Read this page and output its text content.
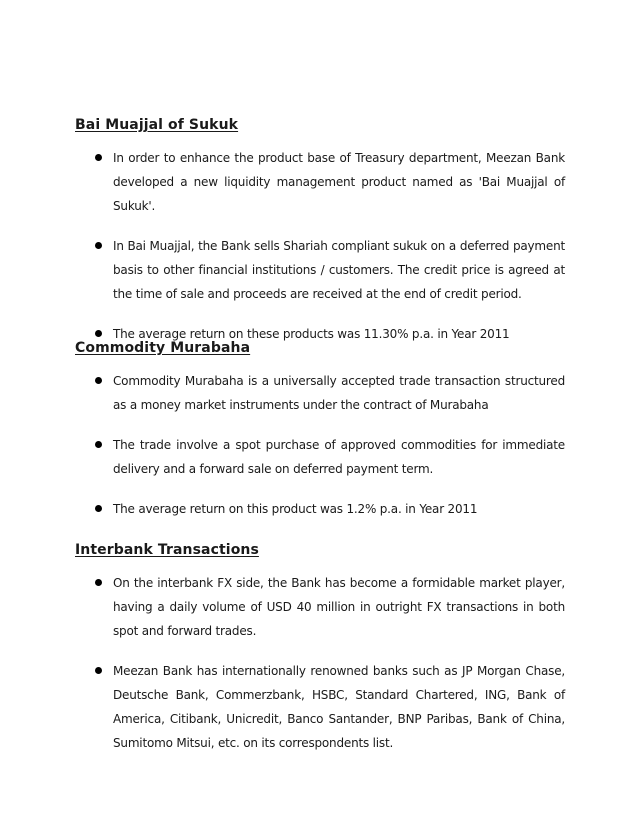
Bai Muajjal of Sukuk
In order to enhance the product base of Treasury department, Meezan Bank developed a new liquidity management product named as 'Bai Muajjal of Sukuk'.
In Bai Muajjal, the Bank sells Shariah compliant sukuk on a deferred payment basis to other financial institutions / customers. The credit price is agreed at the time of sale and proceeds are received at the end of credit period.
The average return on these products was 11.30% p.a. in Year 2011
Commodity Murabaha
Commodity Murabaha is a universally accepted trade transaction structured as a money market instruments under the contract of Murabaha
The trade involve a spot purchase of approved commodities for immediate delivery and a forward sale on deferred payment term.
The average return on this product was 1.2% p.a. in Year 2011
Interbank Transactions
On the interbank FX side, the Bank has become a formidable market player, having a daily volume of USD 40 million in outright FX transactions in both spot and forward trades.
Meezan Bank has internationally renowned banks such as JP Morgan Chase, Deutsche Bank, Commerzbank, HSBC, Standard Chartered, ING, Bank of America, Citibank, Unicredit, Banco Santander, BNP Paribas, Bank of China, Sumitomo Mitsui, etc. on its correspondents list.
